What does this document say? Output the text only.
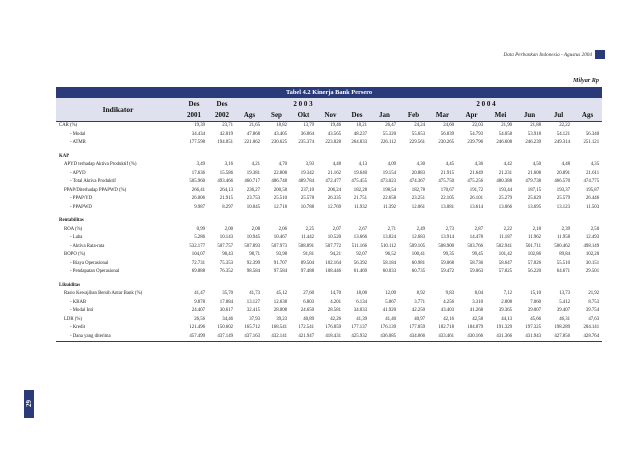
Data Perbankan Indonesia - Agustus 2004
Milyar Rp
29
Tabel 4.2 Kinerja Bank Persero															
Indikator	Des	Des	2 0 0 3					2 0 0 4							
	2001	2002	Ags	Sep	Okt	Nov	Des	Jan	Feb	Mar	Apr	Mei	Jun	Jul	Ags

CAR (%)	19,39	23,71	21,65	18,82	13,79	19,46	18,21	26,47	24,24	24,60	22,03	21,90	21,88	22,22	
- Modal	34.434	42.019	47.868	43.405	36.064	43.565	48.237	55.320	55.653	56.839	54.793	54.058	53.918	54.121	56.340
- ATMR	177.598	194.051	221.062	230.625	235.374	223.828	264.833	226.112	229.561	230.265	239.796	246.608	246.239	249.314	251.121

KAP															
APYD terhadap Aktiva Produktif (%)	3,49	3,16	4,21	4,70	3,93	4,48	4,13	4,09	4,30	4,45	4,36	4,42	4,50	4,48	4,35
- APYD	17.636	15.586	19.381	22.808	19.342	21.162	19.640	19.154	20.883	21.915	21.649	21.231	21.608	20.891	21.611
- Total Aktiva Produktif	505.960	493.466	460.717	486.748	489.784	472.477	475.455	473.023	474.367	475.750	475.256	480.388	479.738	466.570	474.775
PPAP/Diterhadap PPAPWD (%)	266,41	264,13	236,27	200,58	237,10	206,24	182,28	198,54	182,78	170,67	191,72	193,44	187,15	193,37	195,87
- PPAP/YD	26.006	21.915	23.753	25.510	25.578	26.335	21.751	22.658	23.251	22.105	26.101	25.279	25.629	25.579	26.446
- PPAPWD	9.987	8.297	10.045	12.718	10.788	12.769	11.932	11.392	12.061	13.081	13.614	13.066	13.695	13.123	11.503

Rentabilitas															
ROA (%)	0,99	2,00	2,08	2,06	2,25	2,07	2,67	2,71	2,49	2,73	2,87	2,22	2,18	2,39	2,50
- Laba	5.286	10.143	10.945	10.467	11.442	10.520	13.666	13.824	12.683	13.914	14.478	11.187	11.962	11.958	12.493
- Aktiva Rata-rata	532.177	507.757	507.893	507.973	508.891	507.772	511.166	510.112	509.105	508.900	503.766	502.941	501.711	500.462	498.149
BOPO (%)	104,07	98,43	98,71	93,98	91,81	94,21	92,07	96,52	100,41	99,35	99,45	101,42	102,86	89,84	102,20
- Biaya Operasional	72.731	75.353	92.399	91.707	89.504	102.164	56.392	58.184	60.981	59.068	58.736	58.647	57.826	55.510	30.151
- Pendapatan Operasional	69.888	76.352	98.584	97.584	97.488	108.446	61.469	60.033	60.735	59.472	59.063	57.825	56.220	64.671	29.501

Likuiditas															
Rasio Kewajiban Bersih Antar Bank (%)	41,47	35,70	41,73	45,12	27,60	14,70	18,00	12,09	8,92	9,83	8,04	7,12	15,10	13,73	21,92
- KBAB	9.878	17.084	13.127	12.638	6.803	4.201	6.134	5.067	3.771	4.256	3.310	2.808	7.060	5.412	8.753
- Modal Inti	24.407	30.617	32.415	28.008	24.650	28.581	34.033	41.920	42.250	43.403	41.268	39.365	39.007	39.407	39.754
LDR (%)	26,56	34,46	37,93	39,23	40,89	42,26	41,39	41,40	40,97	42,16	42,58	44,13	45,66	46,31	47,63
- Kredit	121.496	150.602	165.712	168.541	172.541	176.859	177.137	176.139	177.859	182.718	184.879	191.329	197.325	198.289	204.141
- Dana yang diterima	457.499	437.149	437.163	432.141	421.947	418.431	425.932	436.085	434.066	433.461	430.166	431.366	431.943	427.856	428.764
